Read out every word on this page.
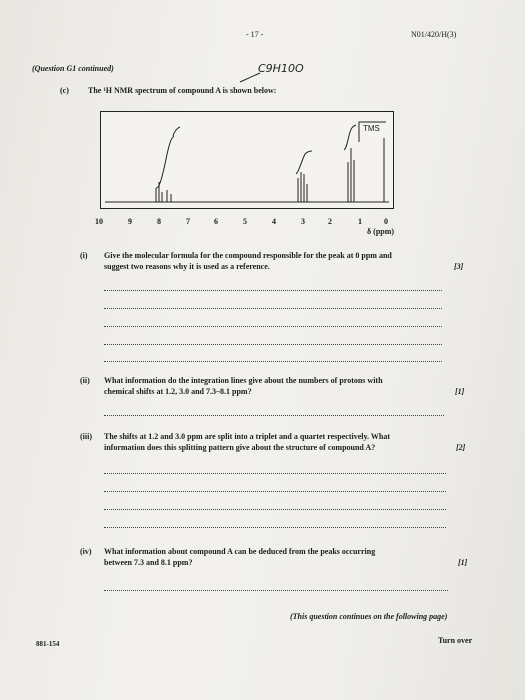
- 17 -	N01/420/H(3)
(Question G1 continued)	C9H10O
(c) The ¹H NMR spectrum of compound A is shown below:
TMS
10	9	8	7	6	5	4	3	2	1	0
δ (ppm)
(i) Give the molecular formula for the compound responsible for the peak at 0 ppm and
suggest two reasons why it is used as a reference.	[3]
(ii) What information do the integration lines give about the numbers of protons with
chemical shifts at 1.2, 3.0 and 7.3–8.1 ppm?	[1]
(iii) The shifts at 1.2 and 3.0 ppm are split into a triplet and a quartet respectively. What
information does this splitting pattern give about the structure of compound A?	[2]
(iv) What information about compound A can be deduced from the peaks occurring
between 7.3 and 8.1 ppm?	[1]
(This question continues on the following page)
881-154	Turn over
